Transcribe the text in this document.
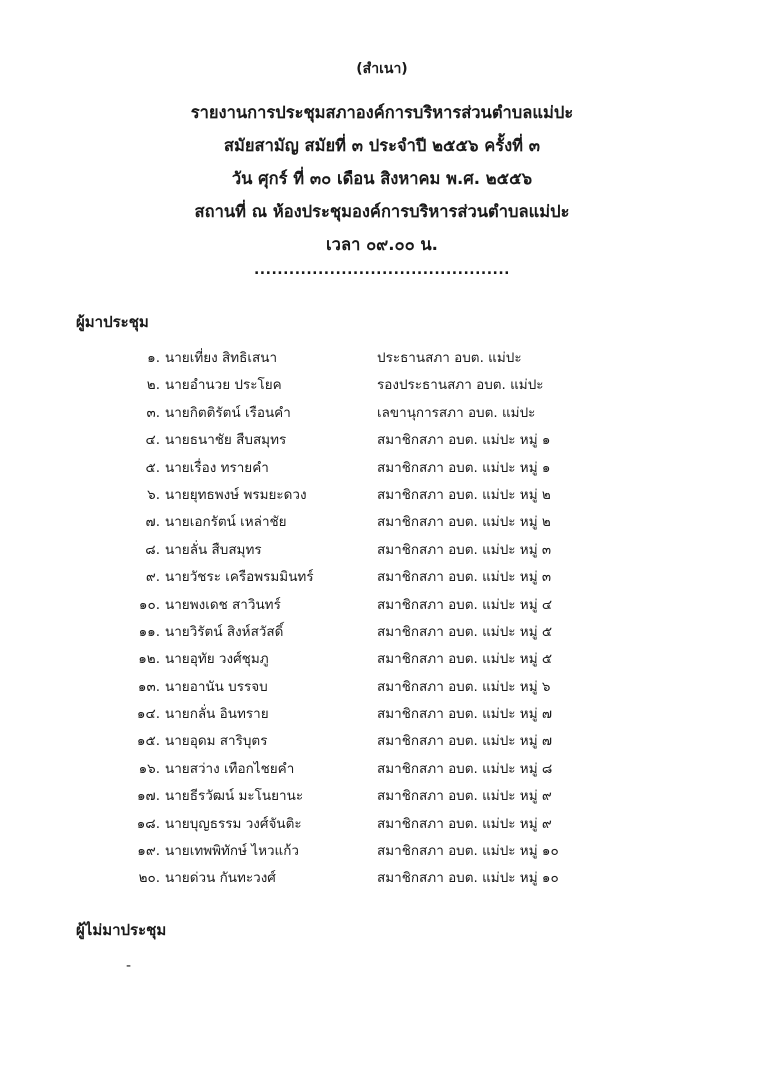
(สำเนา)
รายงานการประชุมสภาองค์การบริหารส่วนตำบลแม่ปะ
สมัยสามัญ สมัยที่ ๓ ประจำปี ๒๕๕๖ ครั้งที่ ๓
วัน ศุกร์ ที่ ๓๐ เดือน สิงหาคม พ.ศ. ๒๕๕๖
สถานที่ ณ ห้องประชุมองค์การบริหารส่วนตำบลแม่ปะ
เวลา ๐๙.๐๐ น.
............................................
ผู้มาประชุม
๑. นายเที่ยง สิทธิเสนา	ประธานสภา อบต. แม่ปะ
๒. นายอำนวย ประโยค	รองประธานสภา อบต. แม่ปะ
๓. นายกิตติรัตน์ เรือนคำ	เลขานุการสภา อบต. แม่ปะ
๔. นายธนาชัย สืบสมุทร	สมาชิกสภา อบต. แม่ปะ หมู่ ๑
๕. นายเรื่อง ทรายคำ	สมาชิกสภา อบต. แม่ปะ หมู่ ๑
๖. นายยุทธพงษ์ พรมยะดวง	สมาชิกสภา อบต. แม่ปะ หมู่ ๒
๗. นายเอกรัตน์ เหล่าชัย	สมาชิกสภา อบต. แม่ปะ หมู่ ๒
๘. นายลั่น สืบสมุทร	สมาชิกสภา อบต. แม่ปะ หมู่ ๓
๙. นายวัชระ เครือพรมมินทร์	สมาชิกสภา อบต. แม่ปะ หมู่ ๓
๑๐. นายพงเดช สาวินทร์	สมาชิกสภา อบต. แม่ปะ หมู่ ๔
๑๑. นายวิรัตน์ สิงห์สวัสดิ์	สมาชิกสภา อบต. แม่ปะ หมู่ ๕
๑๒. นายอุทัย วงศ์ชุมภู	สมาชิกสภา อบต. แม่ปะ หมู่ ๕
๑๓. นายอานัน บรรจบ	สมาชิกสภา อบต. แม่ปะ หมู่ ๖
๑๔. นายกลั่น อินทราย	สมาชิกสภา อบต. แม่ปะ หมู่ ๗
๑๕. นายอุดม สาริบุตร	สมาชิกสภา อบต. แม่ปะ หมู่ ๗
๑๖. นายสว่าง เทือกไชยคำ	สมาชิกสภา อบต. แม่ปะ หมู่ ๘
๑๗. นายธีรวัฒน์ มะโนยานะ	สมาชิกสภา อบต. แม่ปะ หมู่ ๙
๑๘. นายบุญธรรม วงศ์จันติะ	สมาชิกสภา อบต. แม่ปะ หมู่ ๙
๑๙. นายเทพพิทักษ์ ไหวแก้ว	สมาชิกสภา อบต. แม่ปะ หมู่ ๑๐
๒๐. นายด่วน กันทะวงศ์	สมาชิกสภา อบต. แม่ปะ หมู่ ๑๐
ผู้ไม่มาประชุม
-
